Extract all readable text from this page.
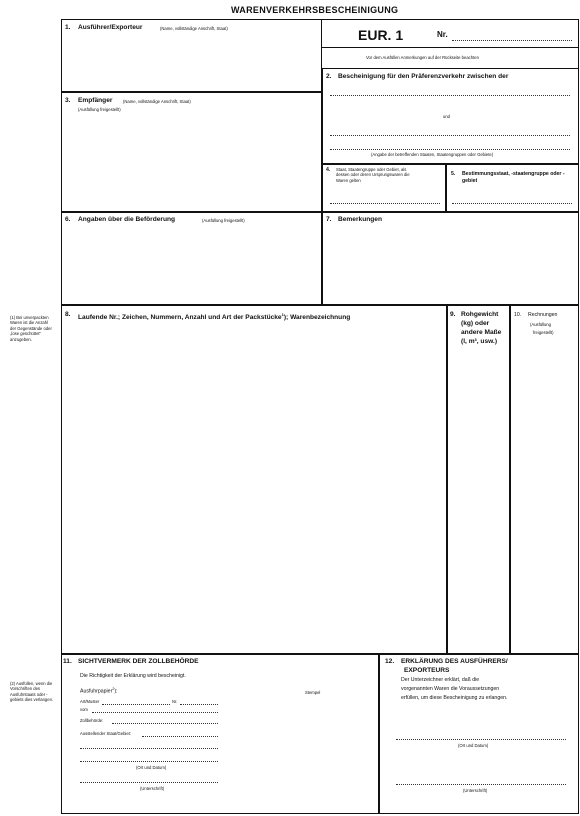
WARENVERKEHRSBESCHEINIGUNG
1. Ausführer/Exporteur	(Name, vollständige Anschrift, Staat)	EUR. 1	Nr.
Vor dem Ausfüllen Anmerkungen auf der Rückseite beachten
2. Bescheinigung für den Präferenzverkehr zwischen der
und
(Angabe der betreffenden Staaten, Staatengruppen oder Gebiete)
3. Empfänger	(Name, vollständige Anschrift, Staat)
(Ausfüllung freigestellt)
4. Staat, Staatengruppe oder Gebiet, als dessen oder deren Ursprungswaren die Waren gelten
5. Bestimmungsstaat, -staatengruppe oder -gebiet
6. Angaben über die Beförderung	(Ausfüllung freigestellt)	7. Bemerkungen
8. Laufende Nr.; Zeichen, Nummern, Anzahl und Art der Packstücke$^1$); Warenbezeichnung	9. Rohgewicht
(kg) oder
andere Maße
(l, m³, usw.)
10. Rechnungen
(Ausfüllung
freigestellt)
11. SICHTVERMERK DER ZOLLBEHÖRDE
Die Richtigkeit der Erklärung wird bescheinigt.
Ausfuhrpapier$^2$):
Art/Muster	Nr.
vom
Zollbehörde:
Ausstellender Staat/Gebiet:
Stempel
(Ort und Datum)
(Unterschrift)
12. ERKLÄRUNG DES AUSFÜHRERS/
EXPORTEURS
Der Unterzeichner erklärt, daß die
vorgenannten Waren die Voraussetzungen
erfüllen, um diese Bescheinigung zu erlangen.
(Ort und Datum)
(Unterschrift)
(1) Bei unverpackten Waren ist die Anzahl der Gegenstände oder „lose geschüttet“ anzugeben.
(2) Ausfüllen, wenn die Vorschriften des Ausfuhrstaats oder -gebiets dies verlangen.
